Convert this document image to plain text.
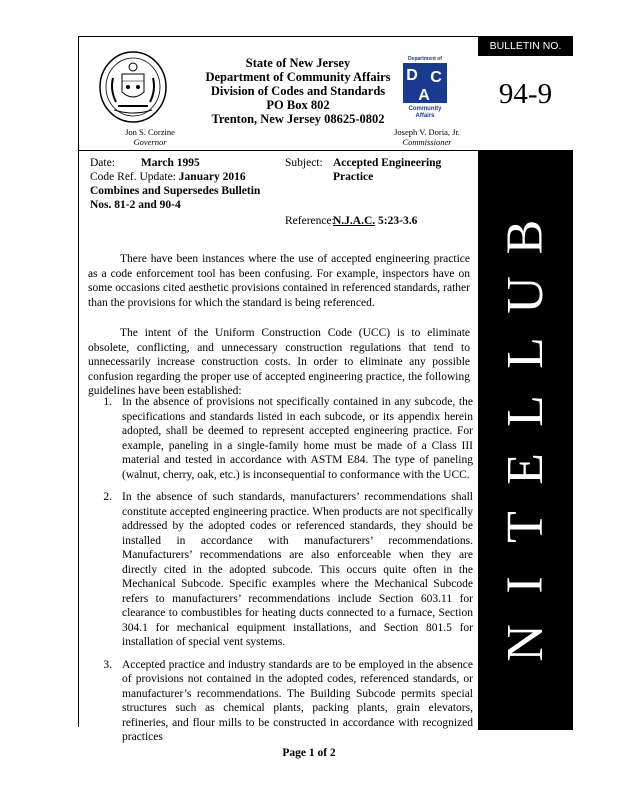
Jon S. Corzine
Governor
State of New Jersey
Department of Community Affairs
Division of Codes and Standards
PO Box 802
Trenton, New Jersey 08625-0802
Department of
D C
A
Community
Affairs
Joseph V. Doria, Jr.
Commissioner
BULLETIN NO.
94-9
B
U
L
L
E
T
I
N
Date: March 1995
Code Ref. Update: January 2016
Combines and Supersedes Bulletin Nos. 81-2 and 90-4
Subject: Accepted Engineering Practice
Reference:
N.J.A.C. 5:23-3.6
There have been instances where the use of accepted engineering practice as a code enforcement tool has been confusing. For example, inspectors have on some occasions cited aesthetic provisions contained in referenced standards, rather than the provisions for which the standard is being referenced.
The intent of the Uniform Construction Code (UCC) is to eliminate obsolete, conflicting, and unnecessary construction regulations that tend to unnecessarily increase construction costs. In order to eliminate any possible confusion regarding the proper use of accepted engineering practice, the following guidelines have been established:
1. In the absence of provisions not specifically contained in any subcode, the specifications and standards listed in each subcode, or its appendix herein adopted, shall be deemed to represent accepted engineering practice. For example, paneling in a single-family home must be made of a Class III material and tested in accordance with ASTM E84. The type of paneling (walnut, cherry, oak, etc.) is inconsequential to conformance with the UCC.
2. In the absence of such standards, manufacturers’ recommendations shall constitute accepted engineering practice. When products are not specifically addressed by the adopted codes or referenced standards, they should be installed in accordance with manufacturers’ recommendations. Manufacturers’ recommendations are also enforceable when they are directly cited in the adopted subcode. This occurs quite often in the Mechanical Subcode. Specific examples where the Mechanical Subcode refers to manufacturers’ recommendations include Section 603.11 for clearance to combustibles for heating ducts connected to a furnace, Section 304.1 for mechanical equipment installations, and Section 801.5 for installation of special vent systems.
3. Accepted practice and industry standards are to be employed in the absence of provisions not contained in the adopted codes, referenced standards, or manufacturer’s recommendations. The Building Subcode permits special structures such as chemical plants, packing plants, grain elevators, refineries, and flour mills to be constructed in accordance with recognized practices
Page 1 of 2
